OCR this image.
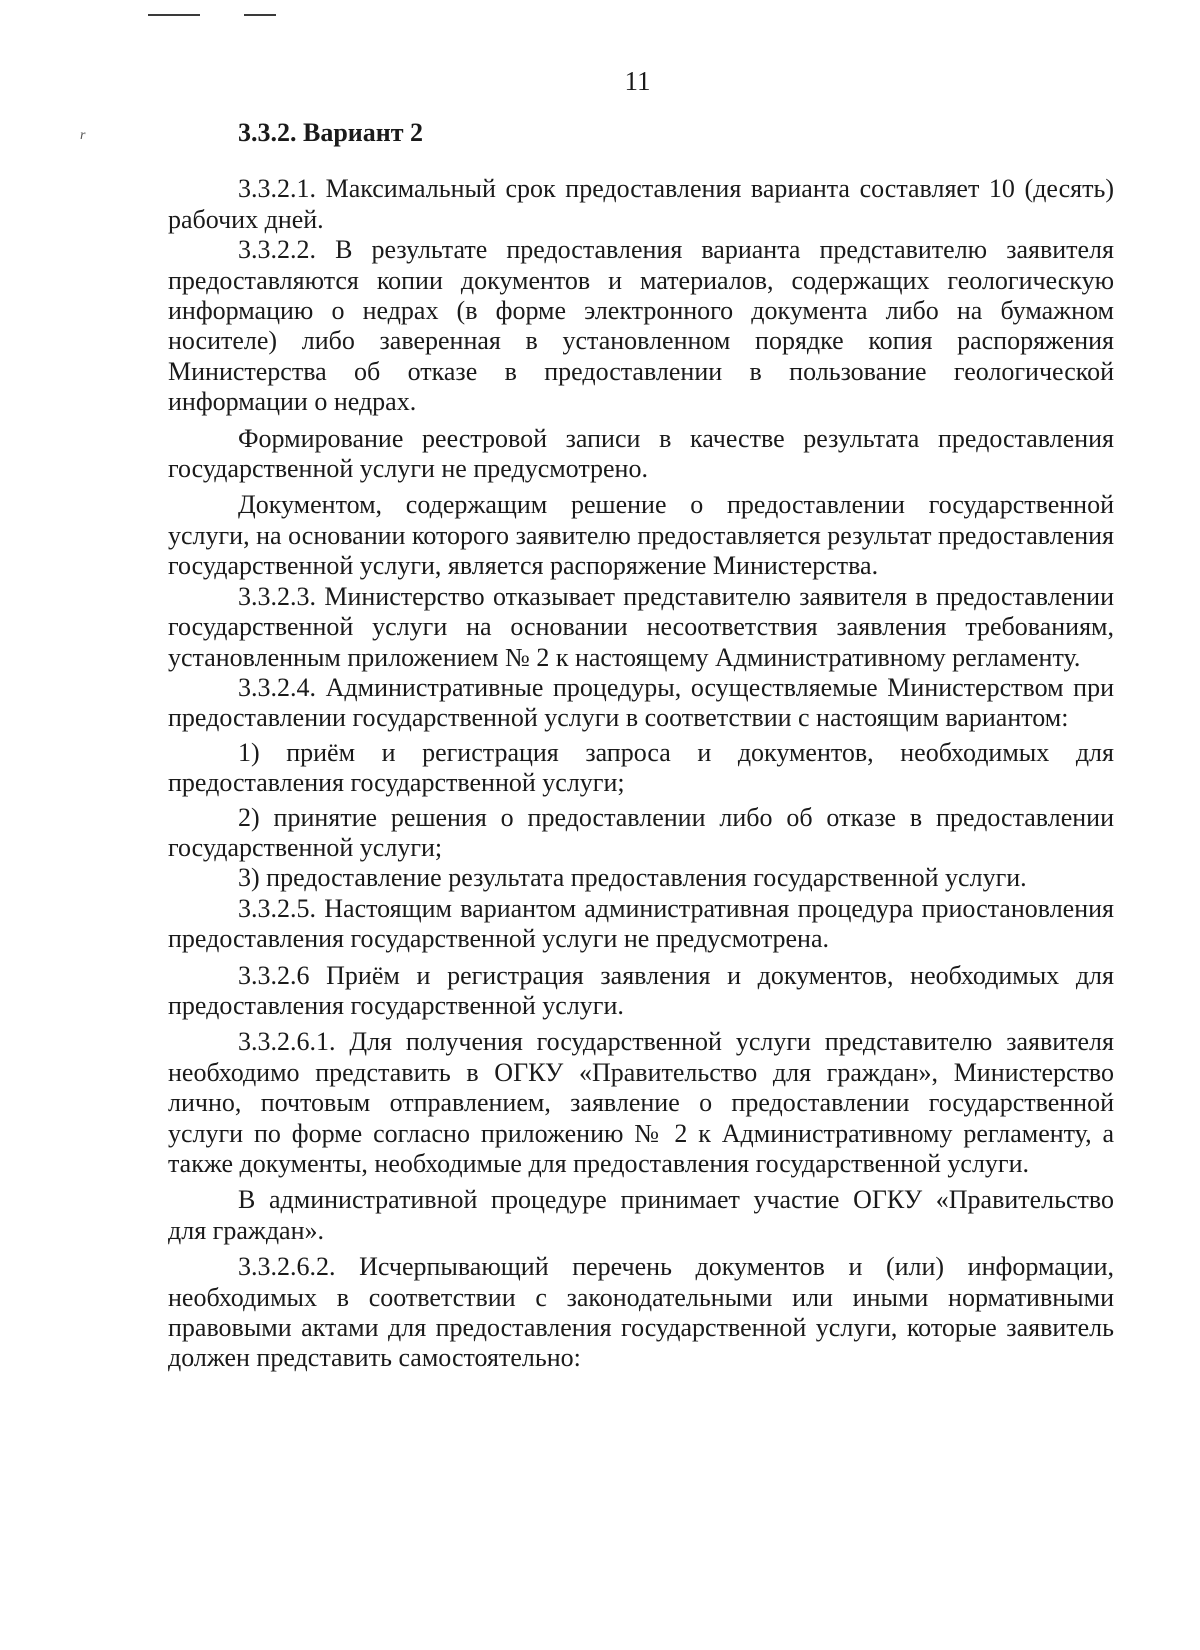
r
11
3.3.2. Вариант 2

3.3.2.1. Максимальный срок предоставления варианта составляет 10 (десять) рабочих дней.

3.3.2.2. В результате предоставления варианта представителю заявителя предоставляются копии документов и материалов, содержащих геологическую информацию о недрах (в форме электронного документа либо на бумажном носителе) либо заверенная в установленном порядке копия распоряжения Министерства об отказе в предоставлении в пользование геологической информации о недрах.

Формирование реестровой записи в качестве результата предоставления государственной услуги не предусмотрено.

Документом, содержащим решение о предоставлении государственной услуги, на основании которого заявителю предоставляется результат предоставления государственной услуги, является распоряжение Министерства.

3.3.2.3. Министерство отказывает представителю заявителя в предоставлении государственной услуги на основании несоответствия заявления требованиям, установленным приложением № 2 к настоящему Административному регламенту.

3.3.2.4. Административные процедуры, осуществляемые Министерством при предоставлении государственной услуги в соответствии с настоящим вариантом:

1) приём и регистрация запроса и документов, необходимых для предоставления государственной услуги;

2) принятие решения о предоставлении либо об отказе в предоставлении государственной услуги;

3) предоставление результата предоставления государственной услуги.

3.3.2.5. Настоящим вариантом административная процедура приостановления предоставления государственной услуги не предусмотрена.

3.3.2.6 Приём и регистрация заявления и документов, необходимых для предоставления государственной услуги.

3.3.2.6.1. Для получения государственной услуги представителю заявителя необходимо представить в ОГКУ «Правительство для граждан», Министерство лично, почтовым отправлением, заявление о предоставлении государственной услуги по форме согласно приложению № 2 к Административному регламенту, а также документы, необходимые для предоставления государственной услуги.

В административной процедуре принимает участие ОГКУ «Правительство для граждан».

3.3.2.6.2. Исчерпывающий перечень документов и (или) информации, необходимых в соответствии с законодательными или иными нормативными правовыми актами для предоставления государственной услуги, которые заявитель должен представить самостоятельно:
